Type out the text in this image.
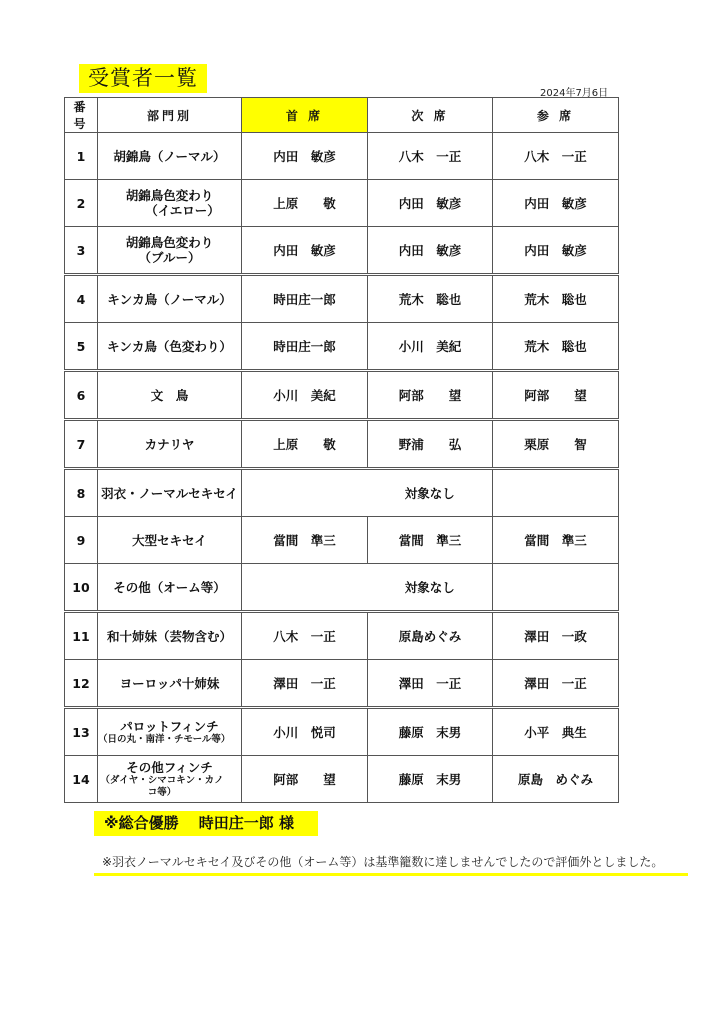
受賞者一覧
2024年7月6日
番 号	部門別	首 席	次 席	参 席
1	胡錦鳥（ノーマル）	内田　敏彦	八木　一正	八木　一正
2	胡錦鳥色変わり
（イエロー）	上原　　敬	内田　敏彦	内田　敏彦
3	胡錦鳥色変わり
（ブルー）	内田　敏彦	内田　敏彦	内田　敏彦
4	キンカ鳥（ノーマル）	時田庄一郎	荒木　聡也	荒木　聡也
5	キンカ鳥（色変わり）	時田庄一郎	小川　美紀	荒木　聡也
6	文　鳥	小川　美紀	阿部　　望	阿部　　望
7	カナリヤ	上原　　敬	野浦　　弘	栗原　　智
8	羽衣・ノーマルセキセイ		対象なし	
9	大型セキセイ	當間　準三	當間　準三	當間　準三
10	その他（オーム等）		対象なし	
11	和十姉妹（芸物含む）	八木　一正	原島めぐみ	澤田　一政
12	ヨーロッパ十姉妹	澤田　一正	澤田　一正	澤田　一正
13	パロットフィンチ
（日の丸・南洋・チモール等）	小川　悦司	藤原　末男	小平　典生
14	その他フィンチ
（ダイヤ・シマコキン・カノコ等）	阿部　　望	藤原　末男	原島　めぐみ
※総合優勝　 時田庄一郎 様
※羽衣ノーマルセキセイ及びその他（オーム等）は基準籠数に達しませんでしたので評価外としました。
